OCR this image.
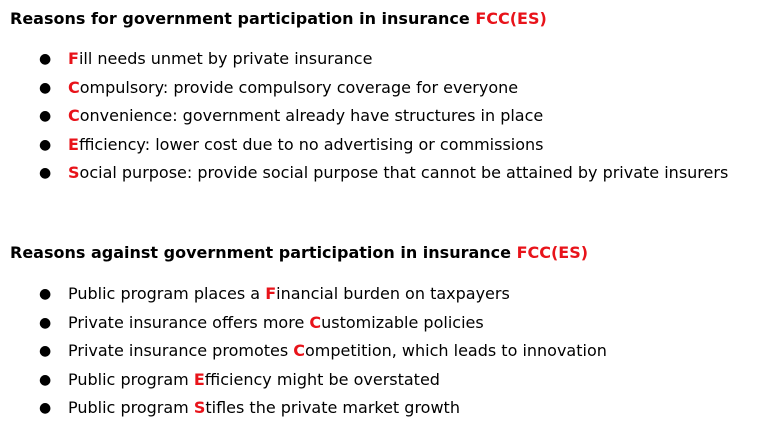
Reasons for government participation in insurance FCC(ES)
● Fill needs unmet by private insurance
● Compulsory: provide compulsory coverage for everyone
● Convenience: government already have structures in place
● Efficiency: lower cost due to no advertising or commissions
● Social purpose: provide social purpose that cannot be attained by private insurers
Reasons against government participation in insurance FCC(ES)
● Public program places a Financial burden on taxpayers
● Private insurance offers more Customizable policies
● Private insurance promotes Competition, which leads to innovation
● Public program Efficiency might be overstated
● Public program Stifles the private market growth
